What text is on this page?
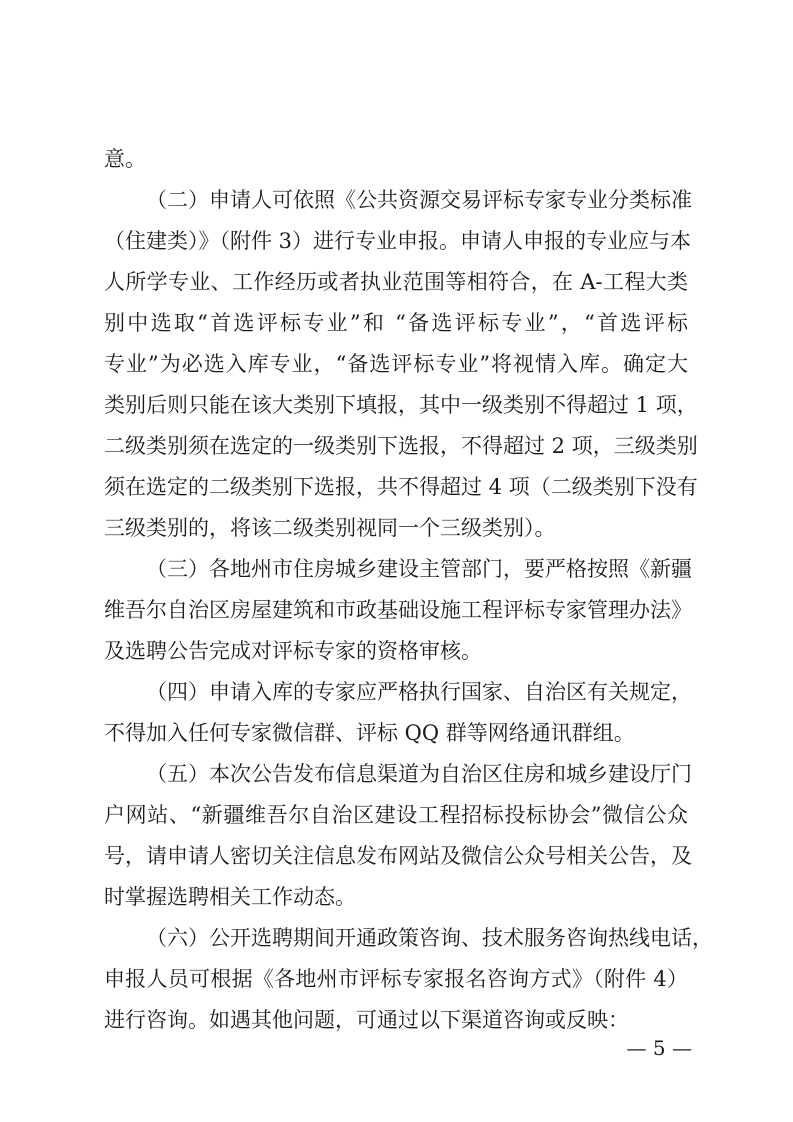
意。
（二）申请人可依照《公共资源交易评标专家专业分类标准
（住建类）》（附件 3）进行专业申报。申请人申报的专业应与本
人所学专业、工作经历或者执业范围等相符合，在 A-工程大类
别中选取“首选评标专业”和 “备选评标专业”，“首选评标
专业”为必选入库专业，“备选评标专业”将视情入库。确定大
类别后则只能在该大类别下填报，其中一级类别不得超过 1 项，
二级类别须在选定的一级类别下选报，不得超过 2 项，三级类别
须在选定的二级类别下选报，共不得超过 4 项（二级类别下没有
三级类别的，将该二级类别视同一个三级类别）。
（三）各地州市住房城乡建设主管部门，要严格按照《新疆
维吾尔自治区房屋建筑和市政基础设施工程评标专家管理办法》
及选聘公告完成对评标专家的资格审核。
（四）申请入库的专家应严格执行国家、自治区有关规定，
不得加入任何专家微信群、评标 QQ 群等网络通讯群组。
（五）本次公告发布信息渠道为自治区住房和城乡建设厅门
户网站、“新疆维吾尔自治区建设工程招标投标协会”微信公众
号，请申请人密切关注信息发布网站及微信公众号相关公告，及
时掌握选聘相关工作动态。
（六）公开选聘期间开通政策咨询、技术服务咨询热线电话，
申报人员可根据《各地州市评标专家报名咨询方式》（附件 4）
进行咨询。如遇其他问题，可通过以下渠道咨询或反映：
— 5 —
